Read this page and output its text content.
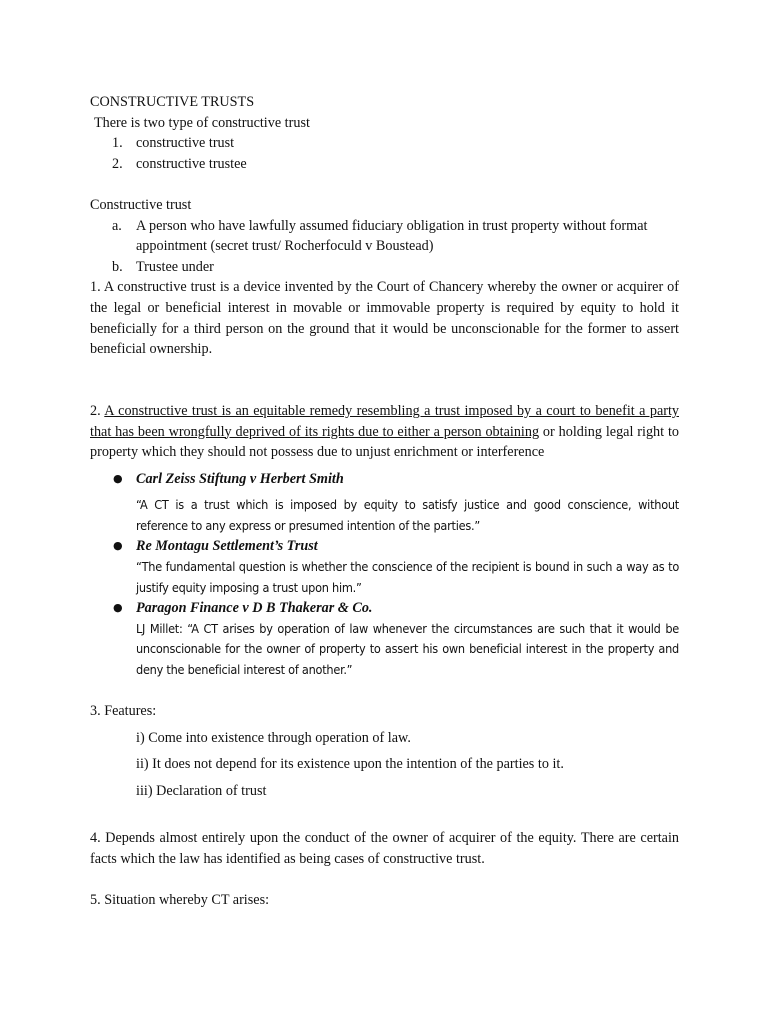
CONSTRUCTIVE TRUSTS

There is two type of constructive trust

1. constructive trust
2. constructive trustee

Constructive trust

a. A person who have lawfully assumed fiduciary obligation in trust property without format appointment (secret trust/ Rocherfoculd v Boustead)
b. Trustee under

1. A constructive trust is a device invented by the Court of Chancery whereby the owner or acquirer of the legal or beneficial interest in movable or immovable property is required by equity to hold it beneficially for a third person on the ground that it would be unconscionable for the former to assert beneficial ownership.

2. A constructive trust is an equitable remedy resembling a trust imposed by a court to benefit a party that has been wrongfully deprived of its rights due to either a person obtaining or holding legal right to property which they should not possess due to unjust enrichment or interference

● Carl Zeiss Stiftung v Herbert Smith

“A CT is a trust which is imposed by equity to satisfy justice and good conscience, without reference to any express or presumed intention of the parties.”

● Re Montagu Settlement’s Trust

“The fundamental question is whether the conscience of the recipient is bound in such a way as to justify equity imposing a trust upon him.”

● Paragon Finance v D B Thakerar & Co.

LJ Millet: “A CT arises by operation of law whenever the circumstances are such that it would be unconscionable for the owner of property to assert his own beneficial interest in the property and deny the beneficial interest of another.”

3. Features:

i) Come into existence through operation of law.

ii) It does not depend for its existence upon the intention of the parties to it.

iii) Declaration of trust

4. Depends almost entirely upon the conduct of the owner of acquirer of the equity. There are certain facts which the law has identified as being cases of constructive trust.

5. Situation whereby CT arises:
